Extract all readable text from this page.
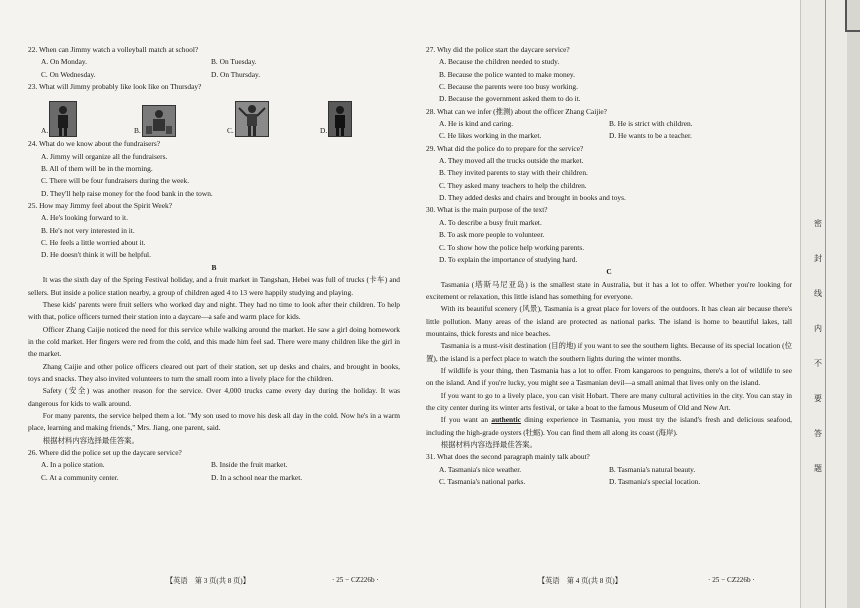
22. When can Jimmy watch a volleyball match at school?
A. On Monday.	B. On Tuesday.
C. On Wednesday.	D. On Thursday.
23. What will Jimmy probably like look like on Thursday?
A.	B.	C.	D.
24. What do we know about the fundraisers?
A. Jimmy will organize all the fundraisers.
B. All of them will be in the morning.
C. There will be four fundraisers during the week.
D. They'll help raise money for the food bank in the town.
25. How may Jimmy feel about the Spirit Week?
A. He's looking forward to it.
B. He's not very interested in it.
C. He feels a little worried about it.
D. He doesn't think it will be helpful.
B
It was the sixth day of the Spring Festival holiday, and a fruit market in Tangshan, Hebei was full of trucks (卡车) and sellers. But inside a police station nearby, a group of children aged 4 to 13 were happily studying and playing.
These kids' parents were fruit sellers who worked day and night. They had no time to look after their children. To help with that, police officers turned their station into a daycare—a safe and warm place for kids.
Officer Zhang Caijie noticed the need for this service while walking around the market. He saw a girl doing homework in the cold market. Her fingers were red from the cold, and this made him feel sad. There were many children like the girl in the market.
Zhang Caijie and other police officers cleared out part of their station, set up desks and chairs, and brought in books, toys and snacks. They also invited volunteers to turn the small room into a lively place for the children.
Safety (安全) was another reason for the service. Over 4,000 trucks came every day during the holiday. It was dangerous for kids to walk around.
For many parents, the service helped them a lot. "My son used to move his desk all day in the cold. Now he's in a warm place, learning and making friends," Mrs. Jiang, one parent, said.
根据材料内容选择最佳答案。
26. Where did the police set up the daycare service?
A. In a police station.	B. Inside the fruit market.
C. At a community center.	D. In a school near the market.
【英语　第 3 页(共 8 页)】	· 25 − CZ226b ·
27. Why did the police start the daycare service?
A. Because the children needed to study.
B. Because the police wanted to make money.
C. Because the parents were too busy working.
D. Because the government asked them to do it.
28. What can we infer (推测) about the officer Zhang Caijie?
A. He is kind and caring.	B. He is strict with children.
C. He likes working in the market.	D. He wants to be a teacher.
29. What did the police do to prepare for the service?
A. They moved all the trucks outside the market.
B. They invited parents to stay with their children.
C. They asked many teachers to help the children.
D. They added desks and chairs and brought in books and toys.
30. What is the main purpose of the text?
A. To describe a busy fruit market.
B. To ask more people to volunteer.
C. To show how the police help working parents.
D. To explain the importance of studying hard.
C
Tasmania (塔斯马尼亚岛) is the smallest state in Australia, but it has a lot to offer. Whether you're looking for excitement or relaxation, this little island has something for everyone.
With its beautiful scenery (风景), Tasmania is a great place for lovers of the outdoors. It has clean air because there's little pollution. Many areas of the island are protected as national parks. The island is home to beautiful lakes, tall mountains, thick forests and nice beaches.
Tasmania is a must-visit destination (目的地) if you want to see the southern lights. Because of its special location (位置), the island is a perfect place to watch the southern lights during the winter months.
If wildlife is your thing, then Tasmania has a lot to offer. From kangaroos to penguins, there's a lot of wildlife to see on the island. And if you're lucky, you might see a Tasmanian devil—a small animal that lives only on the island.
If you want to go to a lively place, you can visit Hobart. There are many cultural activities in the city. You can stay in the city center during its winter arts festival, or take a boat to the famous Museum of Old and New Art.
If you want an authentic dining experience in Tasmania, you must try the island's fresh and delicious seafood, including the high-grade oysters (牡蛎). You can find them all along its coast (海岸).
根据材料内容选择最佳答案。
31. What does the second paragraph mainly talk about?
A. Tasmania's nice weather.	B. Tasmania's natural beauty.
C. Tasmania's national parks.	D. Tasmania's special location.
【英语　第 4 页(共 8 页)】	· 25 − CZ226b ·
密
封
线
内
不
要
答
题
